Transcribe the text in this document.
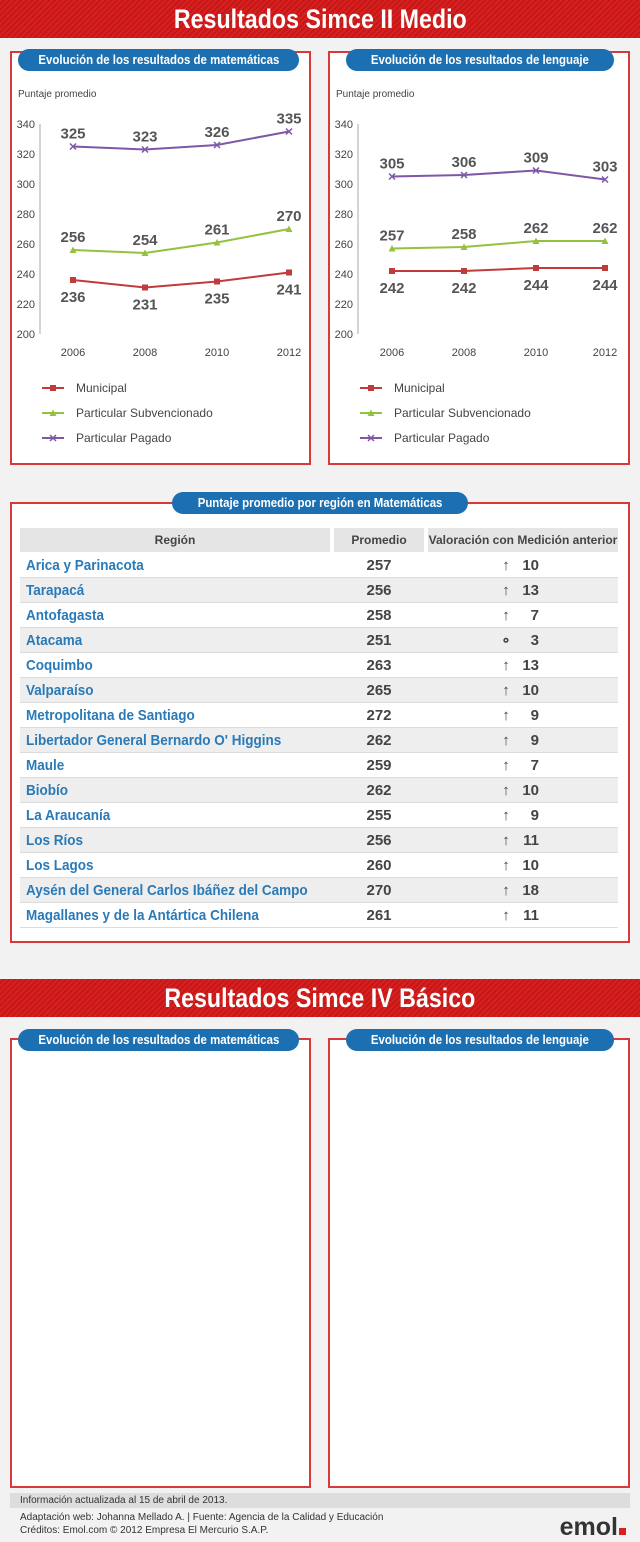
Resultados Simce II Medio
Puntaje promedio
200
220
240
260
280
300
320
340
2006	2008	2010	2012
236	231	235
241
256	254
261
270
325	323	326
335
Municipal
Particular Subvencionado
Particular Pagado
Puntaje promedio
200
220
240
260
280
300
320
340
2006	2008	2010	2012
242	242	244	244
257	258	262	262
305	306	309
303
Municipal
Particular Subvencionado
Particular Pagado
Evolución de los resultados de matemáticas	Evolución de los resultados de lenguaje
Puntaje promedio por región en Matemáticas
Región	Promedio	Valoración con Medición anterior
Arica y Parinacota	257	↑ 10
Tarapacá	256	↑ 13
Antofagasta	258	↑	7
Atacama	251	∘	3
Coquimbo	263	↑ 13
Valparaíso	265	↑ 10
Metropolitana de Santiago	272	↑	9
Libertador General Bernardo O' Higgins	262	↑	9
Maule	259	↑	7
Biobío	262	↑ 10
La Araucanía	255	↑	9
Los Ríos	256	↑ 11
Los Lagos	260	↑ 10
Aysén del General Carlos Ibáñez del Campo	270	↑ 18
Magallanes y de la Antártica Chilena	261	↑ 11
Resultados Simce IV Básico
Evolución de los resultados de matemáticas	Evolución de los resultados de lenguaje
Información actualizada al 15 de abril de 2013.
Adaptación web: Johanna Mellado A. | Fuente: Agencia de la Calidad y Educación
Créditos: Emol.com © 2012 Empresa El Mercurio S.A.P.	emol
